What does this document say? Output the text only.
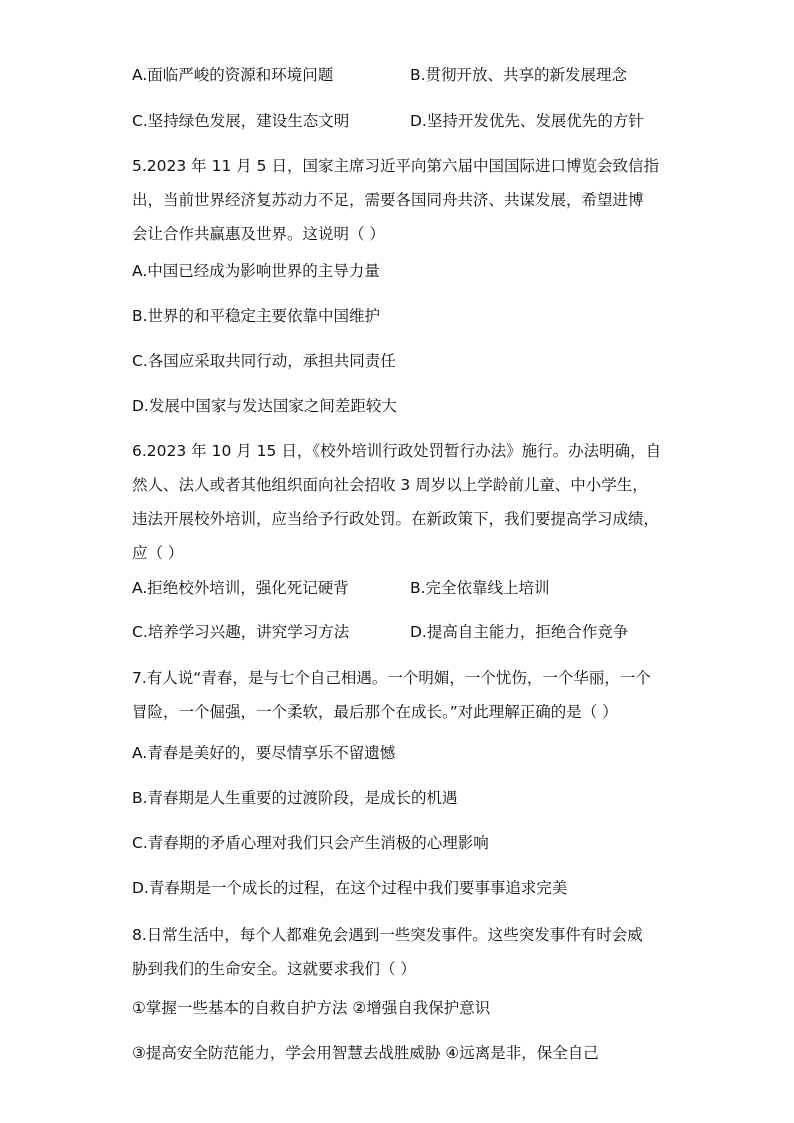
A.面临严峻的资源和环境问题	B.贯彻开放、共享的新发展理念
C.坚持绿色发展，建设生态文明	D.坚持开发优先、发展优先的方针
5.2023 年 11 月 5 日，国家主席习近平向第六届中国国际进口博览会致信指
出，当前世界经济复苏动力不足，需要各国同舟共济、共谋发展，希望进博
会让合作共赢惠及世界。这说明（ ）
A.中国已经成为影响世界的主导力量
B.世界的和平稳定主要依靠中国维护
C.各国应采取共同行动，承担共同责任
D.发展中国家与发达国家之间差距较大
6.2023 年 10 月 15 日，《校外培训行政处罚暂行办法》施行。办法明确，自
然人、法人或者其他组织面向社会招收 3 周岁以上学龄前儿童、中小学生，
违法开展校外培训，应当给予行政处罚。在新政策下，我们要提高学习成绩，
应（ ）
A.拒绝校外培训，强化死记硬背	B.完全依靠线上培训
C.培养学习兴趣，讲究学习方法	D.提高自主能力，拒绝合作竞争
7.有人说“青春，是与七个自己相遇。一个明媚，一个忧伤，一个华丽，一个
冒险，一个倔强，一个柔软，最后那个在成长。”对此理解正确的是（ ）
A.青春是美好的，要尽情享乐不留遗憾
B.青春期是人生重要的过渡阶段，是成长的机遇
C.青春期的矛盾心理对我们只会产生消极的心理影响
D.青春期是一个成长的过程，在这个过程中我们要事事追求完美
8.日常生活中，每个人都难免会遇到一些突发事件。这些突发事件有时会威
胁到我们的生命安全。这就要求我们（ ）
①掌握一些基本的自救自护方法 ②增强自我保护意识
③提高安全防范能力，学会用智慧去战胜威胁 ④远离是非，保全自己
